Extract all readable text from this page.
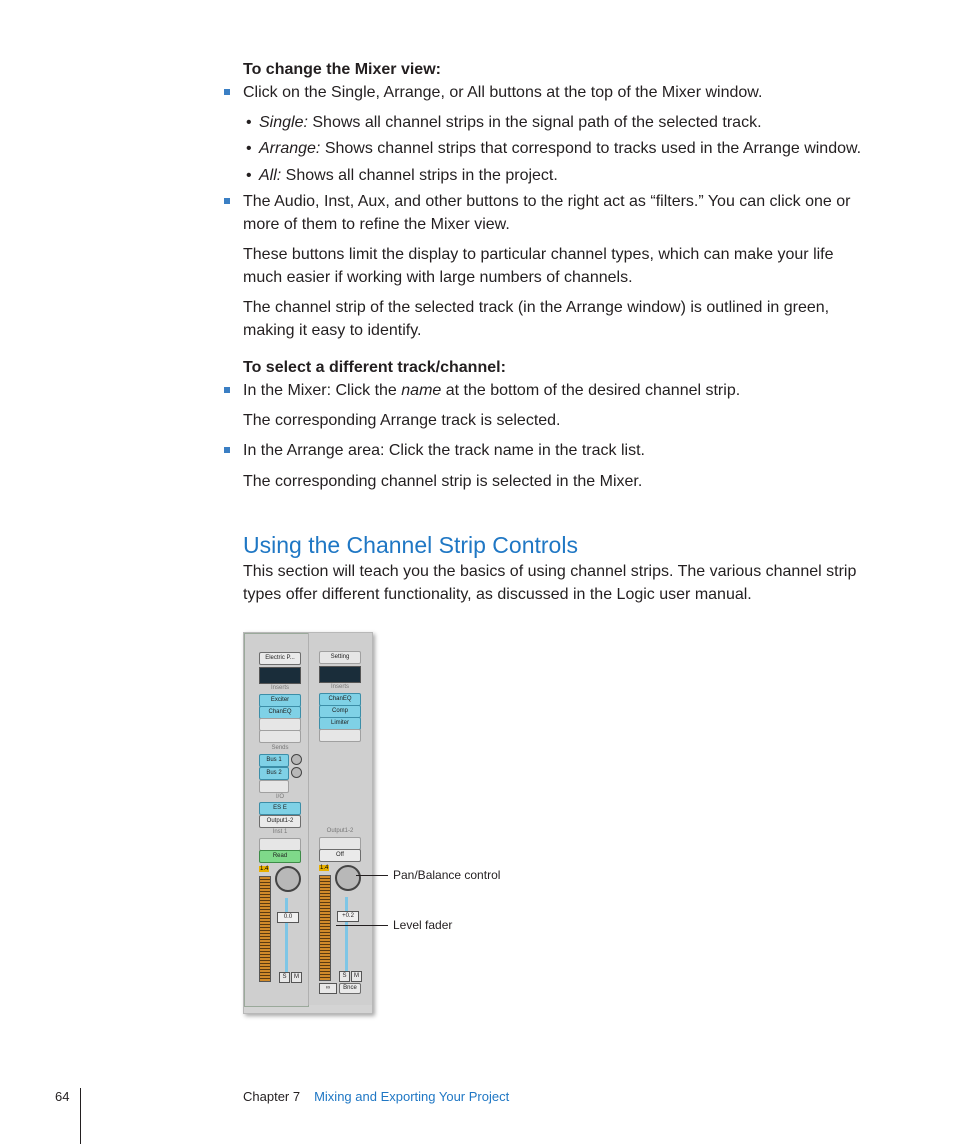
To change the Mixer view:
Click on the Single, Arrange, or All buttons at the top of the Mixer window.
• Single: Shows all channel strips in the signal path of the selected track.
• Arrange: Shows channel strips that correspond to tracks used in the Arrange window.
• All: Shows all channel strips in the project.
The Audio, Inst, Aux, and other buttons to the right act as “filters.” You can click one or
more of them to refine the Mixer view.
These buttons limit the display to particular channel types, which can make your life
much easier if working with large numbers of channels.
The channel strip of the selected track (in the Arrange window) is outlined in green,
making it easy to identify.
To select a different track/channel:
In the Mixer: Click the name at the bottom of the desired channel strip.
The corresponding Arrange track is selected.
In the Arrange area: Click the track name in the track list.
The corresponding channel strip is selected in the Mixer.
Using the Channel Strip Controls
This section will teach you the basics of using channel strips. The various channel strip
types offer different functionality, as discussed in the Logic user manual.
Electric P...
Inserts
Exciter
ChanEQ
Sends
Bus 1
Bus 2
I/O
ES E
Output1-2
Inst 1
Read
1.4
0.0
S	M
Setting
Inserts
ChanEQ
Comp
Limiter
Output1-2
Off
1.4
+0.2
S	M
∞	Bnce
Pan/Balance control
Level fader
64	Chapter 7 Mixing and Exporting Your Project
